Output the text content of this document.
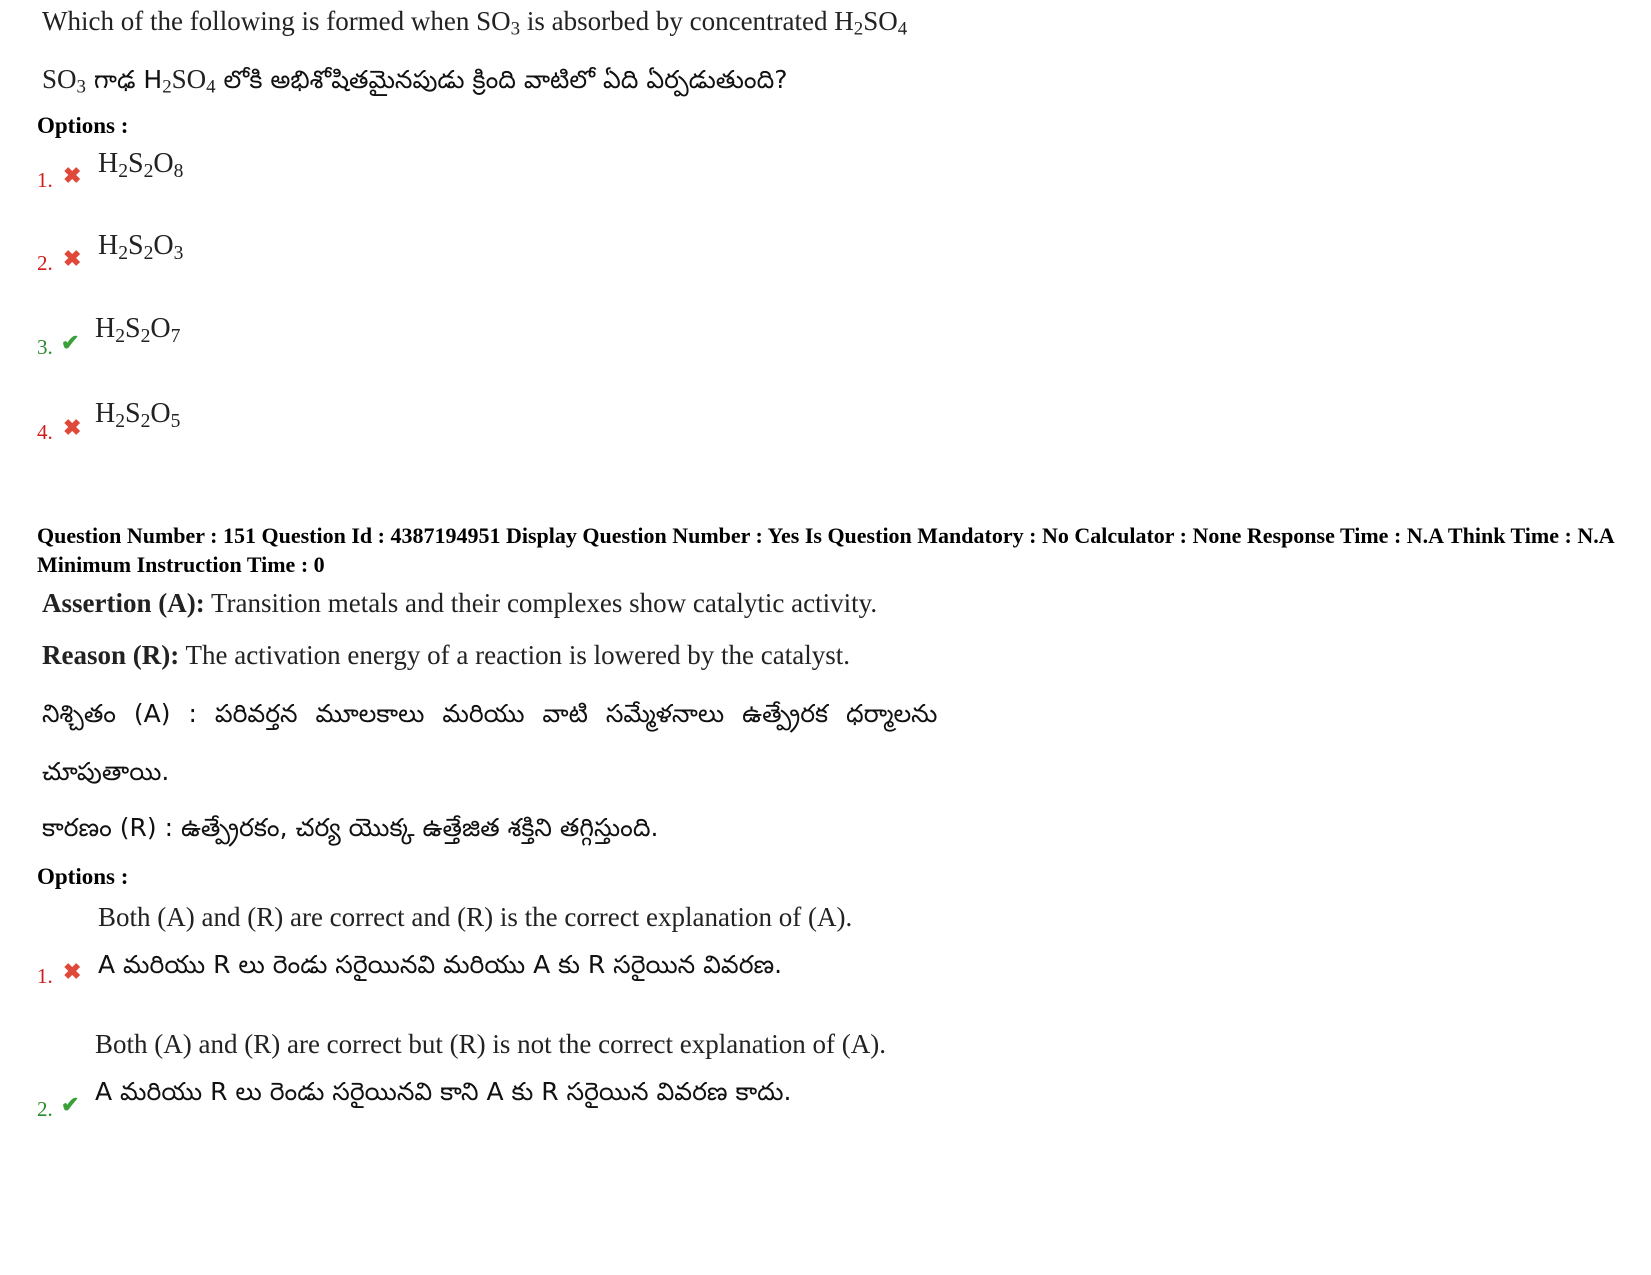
Which of the following is formed when $SO_3$ is absorbed by concentrated $H_2SO_4$
$SO_3$ గాఢ $H_2SO_4$ లోకి అభిశోషితమైనపుడు క్రింది వాటిలో ఏది ఏర్పడుతుంది?
Options :
1. ✖ $H_2S_2O_8$
2. ✖ $H_2S_2O_3$
3. ✔ $H_2S_2O_7$
4. ✖ $H_2S_2O_5$
Question Number : 151 Question Id : 4387194951 Display Question Number : Yes Is Question Mandatory : No Calculator : None Response Time : N.A Think Time : N.A Minimum Instruction Time : 0
Assertion (A): Transition metals and their complexes show catalytic activity.
Reason (R): The activation energy of a reaction is lowered by the catalyst.
నిశ్చితం (A) : పరివర్తన మూలకాలు మరియు వాటి సమ్మేళనాలు ఉత్ప్రేరక ధర్మాలను
చూపుతాయి.
కారణం (R) : ఉత్ప్రేరకం, చర్య యొక్క ఉత్తేజిత శక్తిని తగ్గిస్తుంది.
Options :
Both (A) and (R) are correct and (R) is the correct explanation of (A).
A మరియు R లు రెండు సరైయినవి మరియు A కు R సరైయిన వివరణ.
1. ✖
Both (A) and (R) are correct but (R) is not the correct explanation of (A).
A మరియు R లు రెండు సరైయినవి కాని A కు R సరైయిన వివరణ కాదు.
2. ✔
